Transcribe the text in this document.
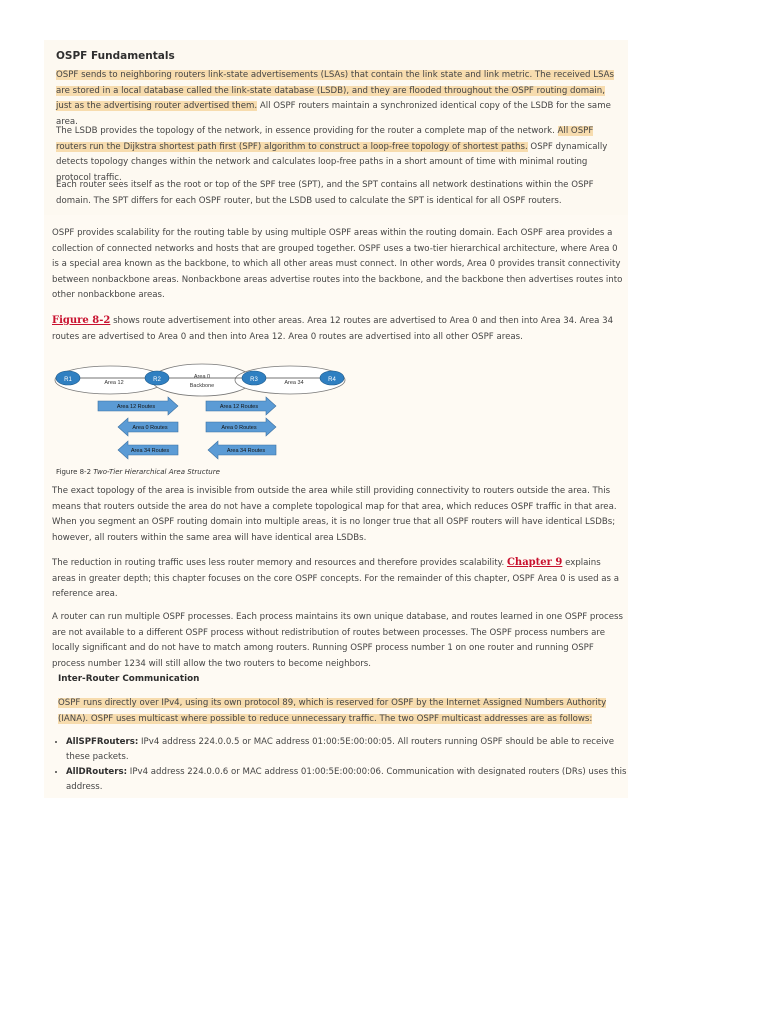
OSPF Fundamentals
OSPF sends to neighboring routers link-state advertisements (LSAs) that contain the link state and link metric. The received LSAs are stored in a local database called the link-state database (LSDB), and they are flooded throughout the OSPF routing domain, just as the advertising router advertised them. All OSPF routers maintain a synchronized identical copy of the LSDB for the same area.
The LSDB provides the topology of the network, in essence providing for the router a complete map of the network. All OSPF routers run the Dijkstra shortest path first (SPF) algorithm to construct a loop-free topology of shortest paths. OSPF dynamically detects topology changes within the network and calculates loop-free paths in a short amount of time with minimal routing protocol traffic.
Each router sees itself as the root or top of the SPF tree (SPT), and the SPT contains all network destinations within the OSPF domain. The SPT differs for each OSPF router, but the LSDB used to calculate the SPT is identical for all OSPF routers.
OSPF provides scalability for the routing table by using multiple OSPF areas within the routing domain. Each OSPF area provides a collection of connected networks and hosts that are grouped together. OSPF uses a two-tier hierarchical architecture, where Area 0 is a special area known as the backbone, to which all other areas must connect. In other words, Area 0 provides transit connectivity between nonbackbone areas. Nonbackbone areas advertise routes into the backbone, and the backbone then advertises routes into other nonbackbone areas.
Figure 8-2 shows route advertisement into other areas. Area 12 routes are advertised to Area 0 and then into Area 34. Area 34 routes are advertised to Area 0 and then into Area 12. Area 0 routes are advertised into all other OSPF areas.
R1	R2	R3	R4
Area 12
Area 0
Backbone	Area 34
Area 12 Routes	Area 12 Routes
Area 0 Routes	Area 0 Routes
Area 34 Routes	Area 34 Routes
Figure 8-2 Two-Tier Hierarchical Area Structure
The exact topology of the area is invisible from outside the area while still providing connectivity to routers outside the area. This means that routers outside the area do not have a complete topological map for that area, which reduces OSPF traffic in that area. When you segment an OSPF routing domain into multiple areas, it is no longer true that all OSPF routers will have identical LSDBs; however, all routers within the same area will have identical area LSDBs.
The reduction in routing traffic uses less router memory and resources and therefore provides scalability. Chapter 9 explains areas in greater depth; this chapter focuses on the core OSPF concepts. For the remainder of this chapter, OSPF Area 0 is used as a reference area.
A router can run multiple OSPF processes. Each process maintains its own unique database, and routes learned in one OSPF process are not available to a different OSPF process without redistribution of routes between processes. The OSPF process numbers are locally significant and do not have to match among routers. Running OSPF process number 1 on one router and running OSPF process number 1234 will still allow the two routers to become neighbors.
Inter-Router Communication
OSPF runs directly over IPv4, using its own protocol 89, which is reserved for OSPF by the Internet Assigned Numbers Authority (IANA). OSPF uses multicast where possible to reduce unnecessary traffic. The two OSPF multicast addresses are as follows:
• AllSPFRouters: IPv4 address 224.0.0.5 or MAC address 01:00:5E:00:00:05. All routers running OSPF should be able to receive these packets.
• AllDRouters: IPv4 address 224.0.0.6 or MAC address 01:00:5E:00:00:06. Communication with designated routers (DRs) uses this address.
